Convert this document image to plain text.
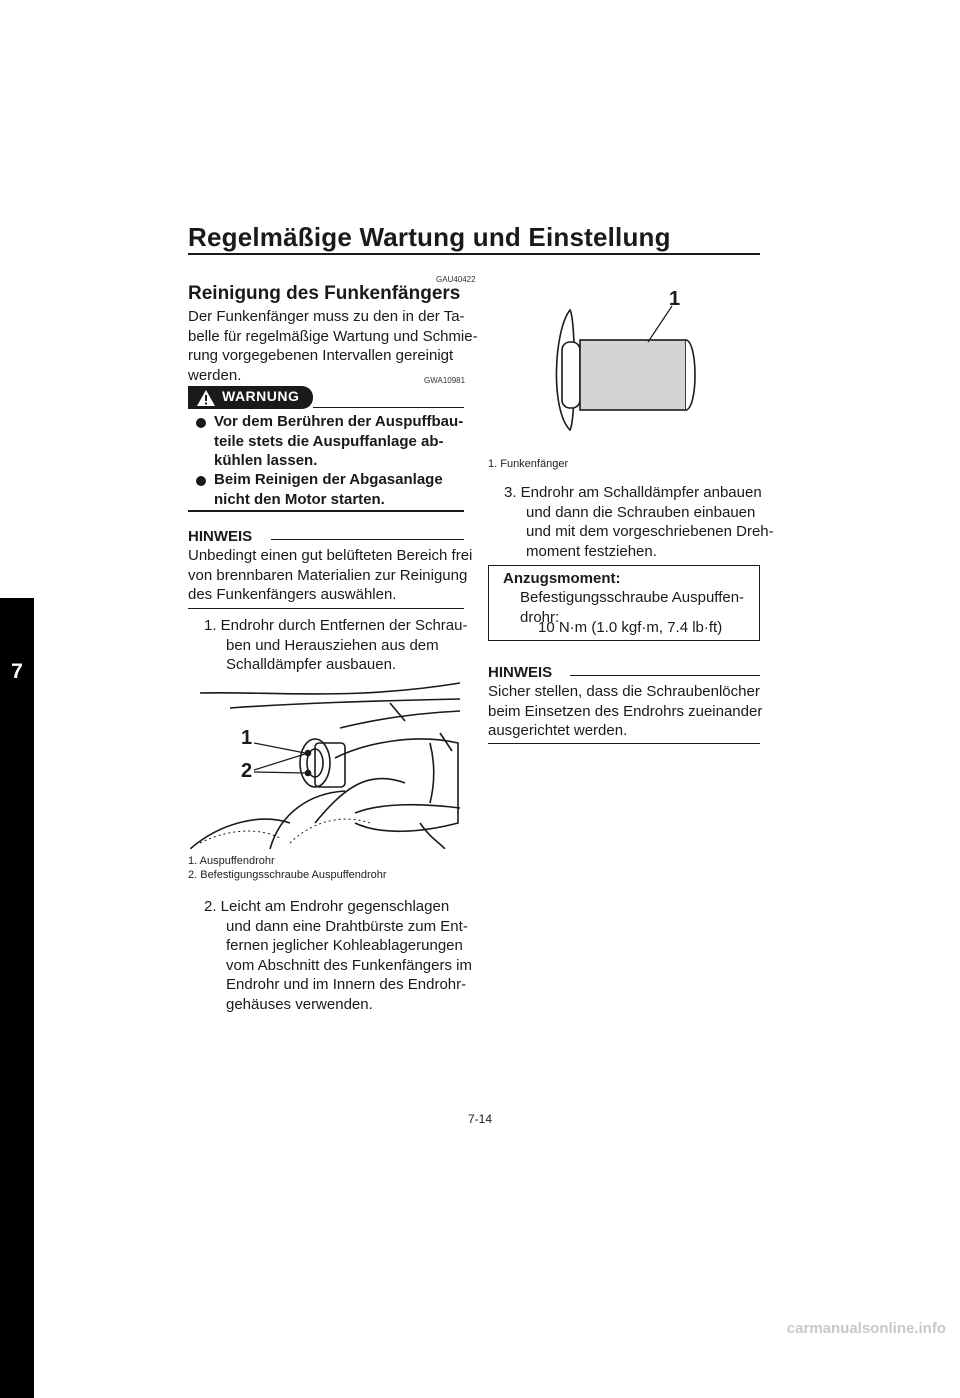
Regelmäßige Wartung und Einstellung
7
GAU40422
Reinigung des Funkenfängers
Der Funkenfänger muss zu den in der Ta-
belle für regelmäßige Wartung und Schmie-
rung vorgegebenen Intervallen gereinigt
werden.	GWA10981
WARNUNG
Vor dem Berühren der Auspuffbau-
teile stets die Auspuffanlage ab-
kühlen lassen.
Beim Reinigen der Abgasanlage
nicht den Motor starten.
HINWEIS
Unbedingt einen gut belüfteten Bereich frei
von brennbaren Materialien zur Reinigung
des Funkenfängers auswählen.
1. Endrohr durch Entfernen der Schrau-
ben und Herausziehen aus dem
Schalldämpfer ausbauen.
1
2
1. Auspuffendrohr
2. Befestigungsschraube Auspuffendrohr
2. Leicht am Endrohr gegenschlagen
und dann eine Drahtbürste zum Ent-
fernen jeglicher Kohleablagerungen
vom Abschnitt des Funkenfängers im
Endrohr und im Innern des Endrohr-
gehäuses verwenden.
1
1. Funkenfänger
3. Endrohr am Schalldämpfer anbauen
und dann die Schrauben einbauen
und mit dem vorgeschriebenen Dreh-
moment festziehen.
Anzugsmoment:
Befestigungsschraube Auspuffen-
drohr:
10 N·m (1.0 kgf·m, 7.4 lb·ft)
HINWEIS
Sicher stellen, dass die Schraubenlöcher
beim Einsetzen des Endrohrs zueinander
ausgerichtet werden.
7-14
carmanualsonline.info
